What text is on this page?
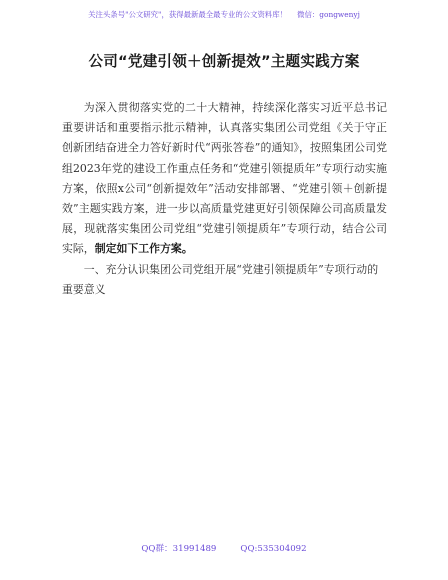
关注头条号"公文研究"，获得最新最全最专业的公文资料库！ 微信：gongwenyj
公司“党建引领＋创新提效”主题实践方案

为深入贯彻落实党的二十大精神，持续深化落实习近平总书记重要讲话和重要指示批示精神，认真落实集团公司党组《关于守正创新团结奋进全力答好新时代“两张答卷”的通知》，按照集团公司党组2023年党的建设工作重点任务和“党建引领提质年”专项行动实施方案，依照x公司“创新提效年”活动安排部署、“党建引领＋创新提效”主题实践方案，进一步以高质量党建更好引领保障公司高质量发展，现就落实集团公司党组“党建引领提质年”专项行动，结合公司实际，制定如下工作方案。

一、充分认识集团公司党组开展“党建引领提质年”专项行动的重要意义

QQ群：31991489	QQ:535304092
